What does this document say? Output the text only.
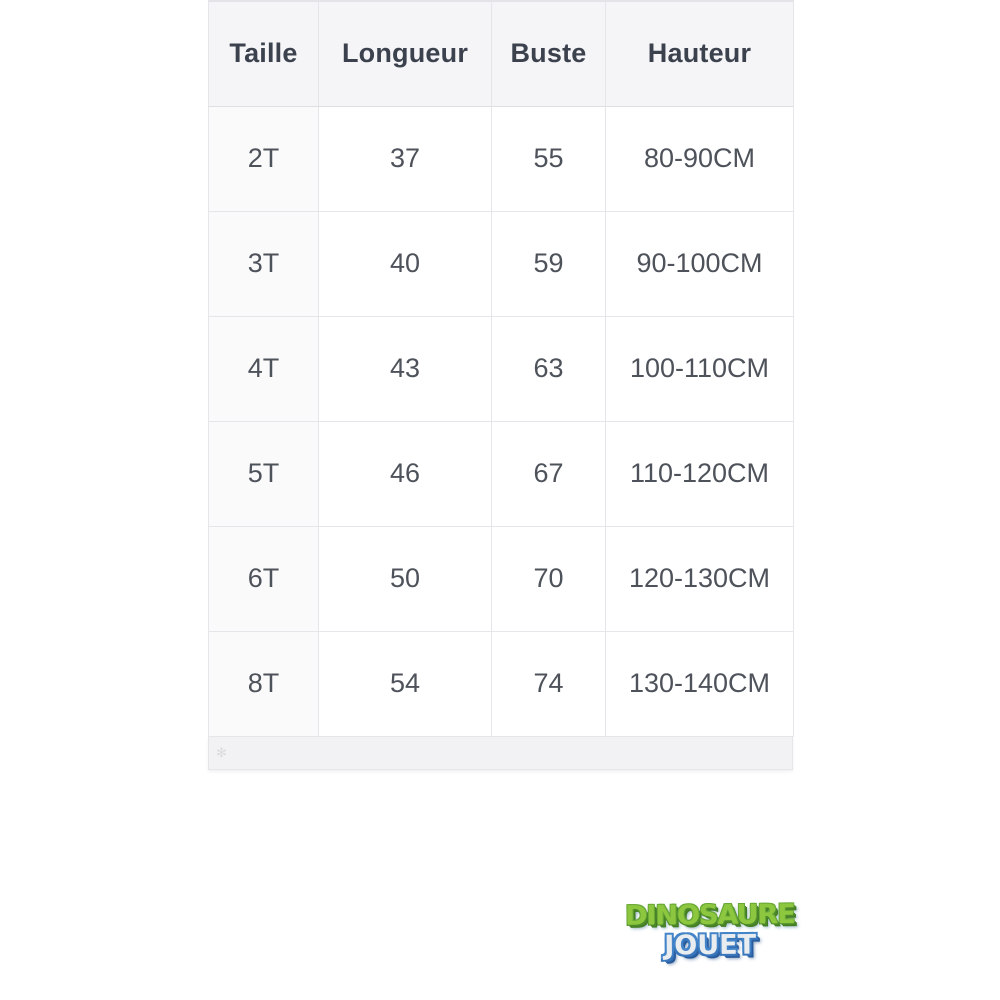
Taille	Longueur	Buste	Hauteur
2T	37	55	80-90CM
3T	40	59	90-100CM
4T	43	63	100-110CM
5T	46	67	110-120CM
6T	50	70	120-130CM
8T	54	74	130-140CM
✻
DINOSAURE
JOUET
